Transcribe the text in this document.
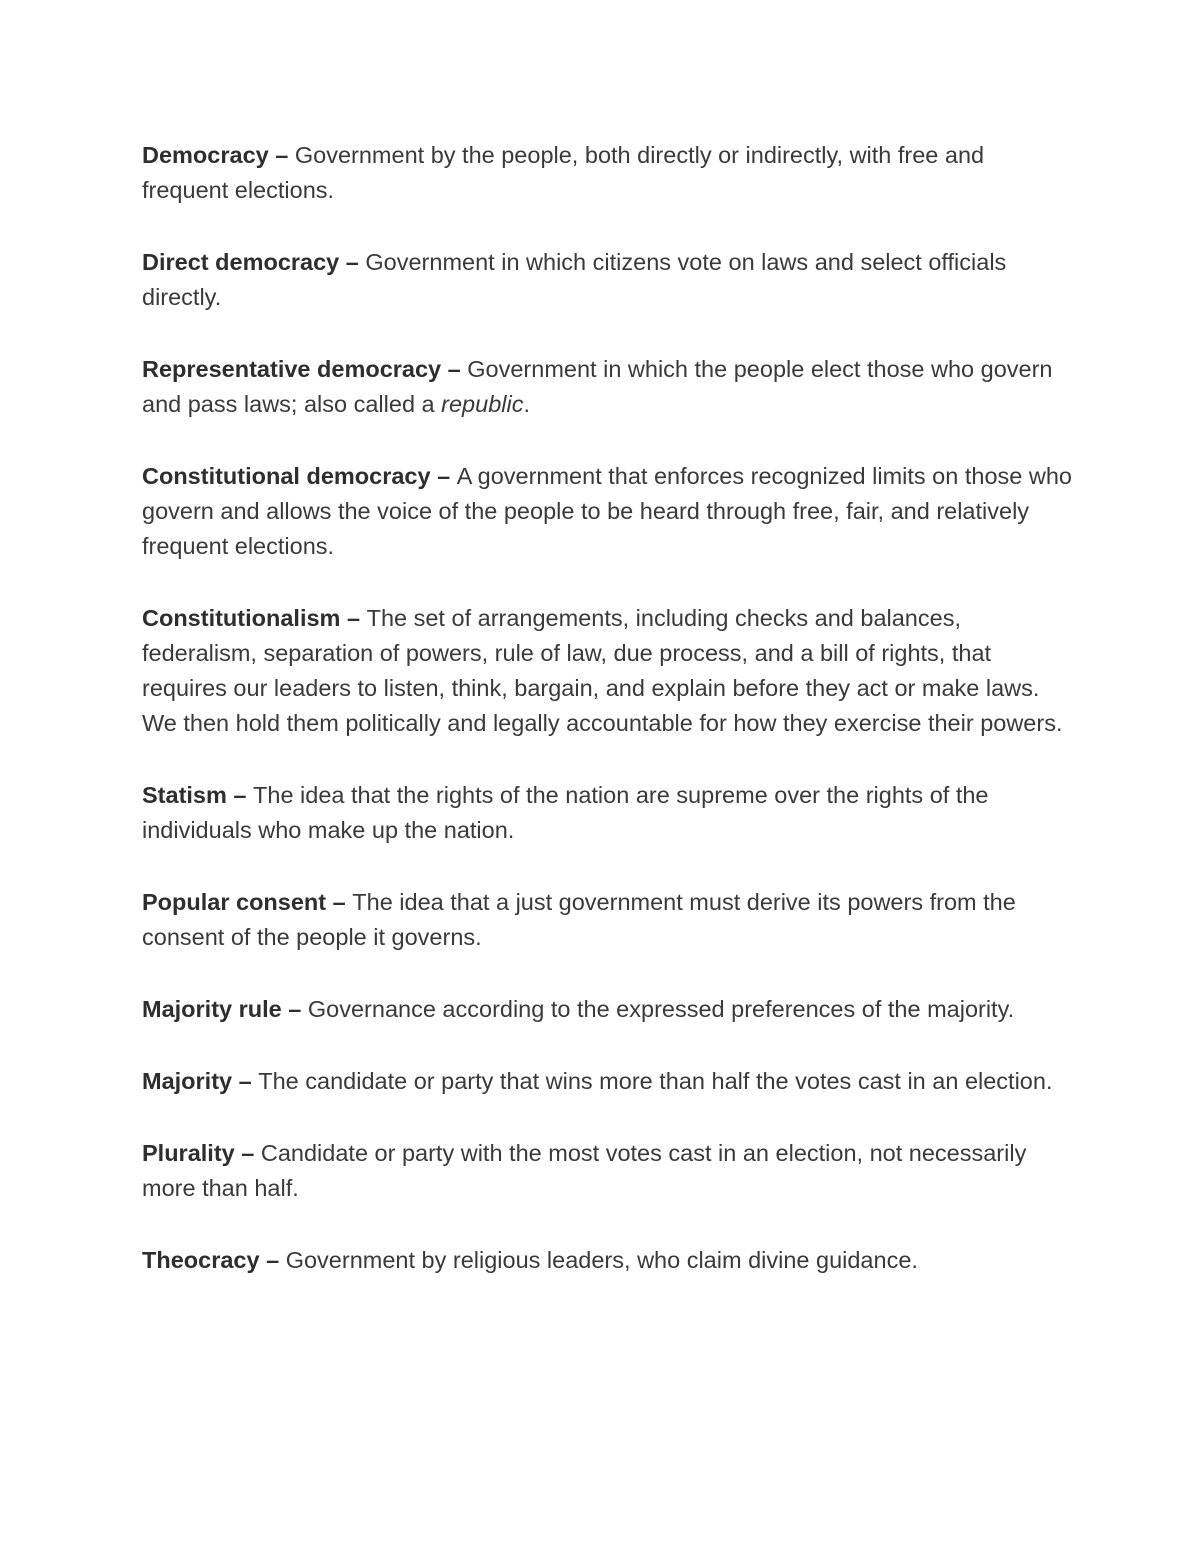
Democracy – Government by the people, both directly or indirectly, with free and frequent elections.

Direct democracy – Government in which citizens vote on laws and select officials directly.

Representative democracy – Government in which the people elect those who govern and pass laws; also called a republic.

Constitutional democracy – A government that enforces recognized limits on those who govern and allows the voice of the people to be heard through free, fair, and relatively frequent elections.

Constitutionalism – The set of arrangements, including checks and balances, federalism, separation of powers, rule of law, due process, and a bill of rights, that requires our leaders to listen, think, bargain, and explain before they act or make laws. We then hold them politically and legally accountable for how they exercise their powers.

Statism – The idea that the rights of the nation are supreme over the rights of the individuals who make up the nation.

Popular consent – The idea that a just government must derive its powers from the consent of the people it governs.

Majority rule – Governance according to the expressed preferences of the majority.

Majority – The candidate or party that wins more than half the votes cast in an election.

Plurality – Candidate or party with the most votes cast in an election, not necessarily more than half.

Theocracy – Government by religious leaders, who claim divine guidance.
